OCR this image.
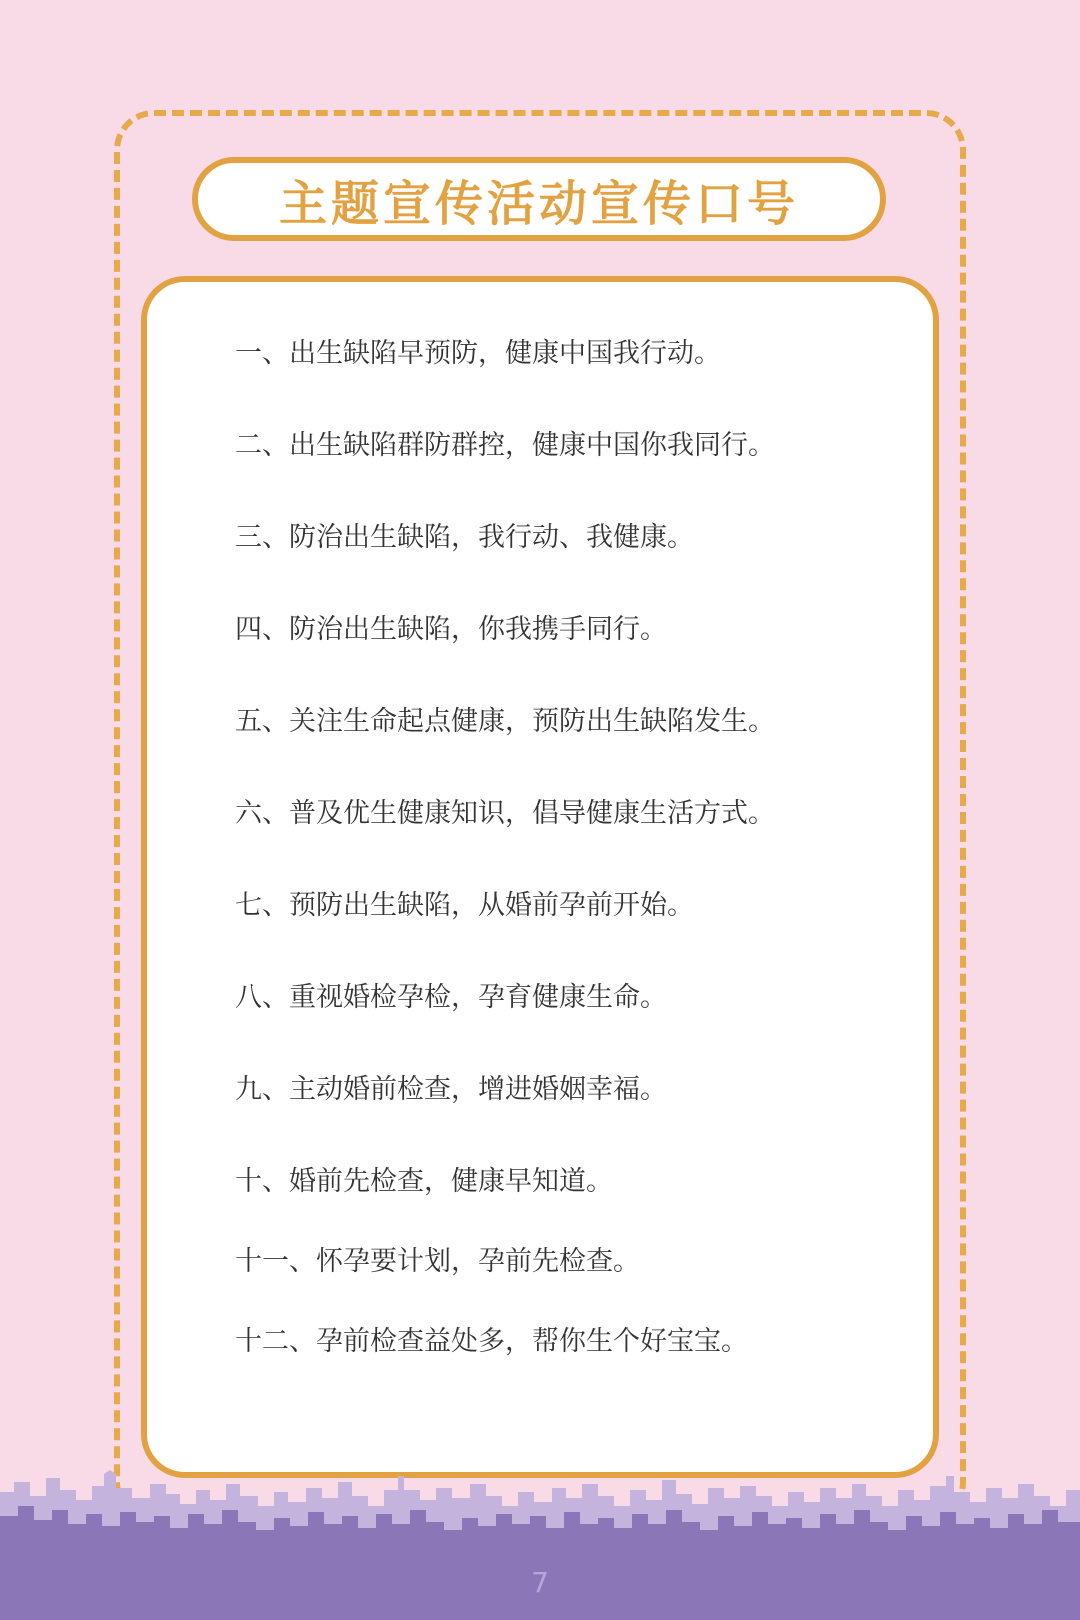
主题宣传活动宣传口号

一、出生缺陷早预防，健康中国我行动。

二、出生缺陷群防群控，健康中国你我同行。

三、防治出生缺陷，我行动、我健康。

四、防治出生缺陷，你我携手同行。

五、关注生命起点健康，预防出生缺陷发生。

六、普及优生健康知识，倡导健康生活方式。

七、预防出生缺陷，从婚前孕前开始。

八、重视婚检孕检，孕育健康生命。

九、主动婚前检查，增进婚姻幸福。

十、婚前先检查，健康早知道。

十一、怀孕要计划，孕前先检查。

十二、孕前检查益处多，帮你生个好宝宝。

7
